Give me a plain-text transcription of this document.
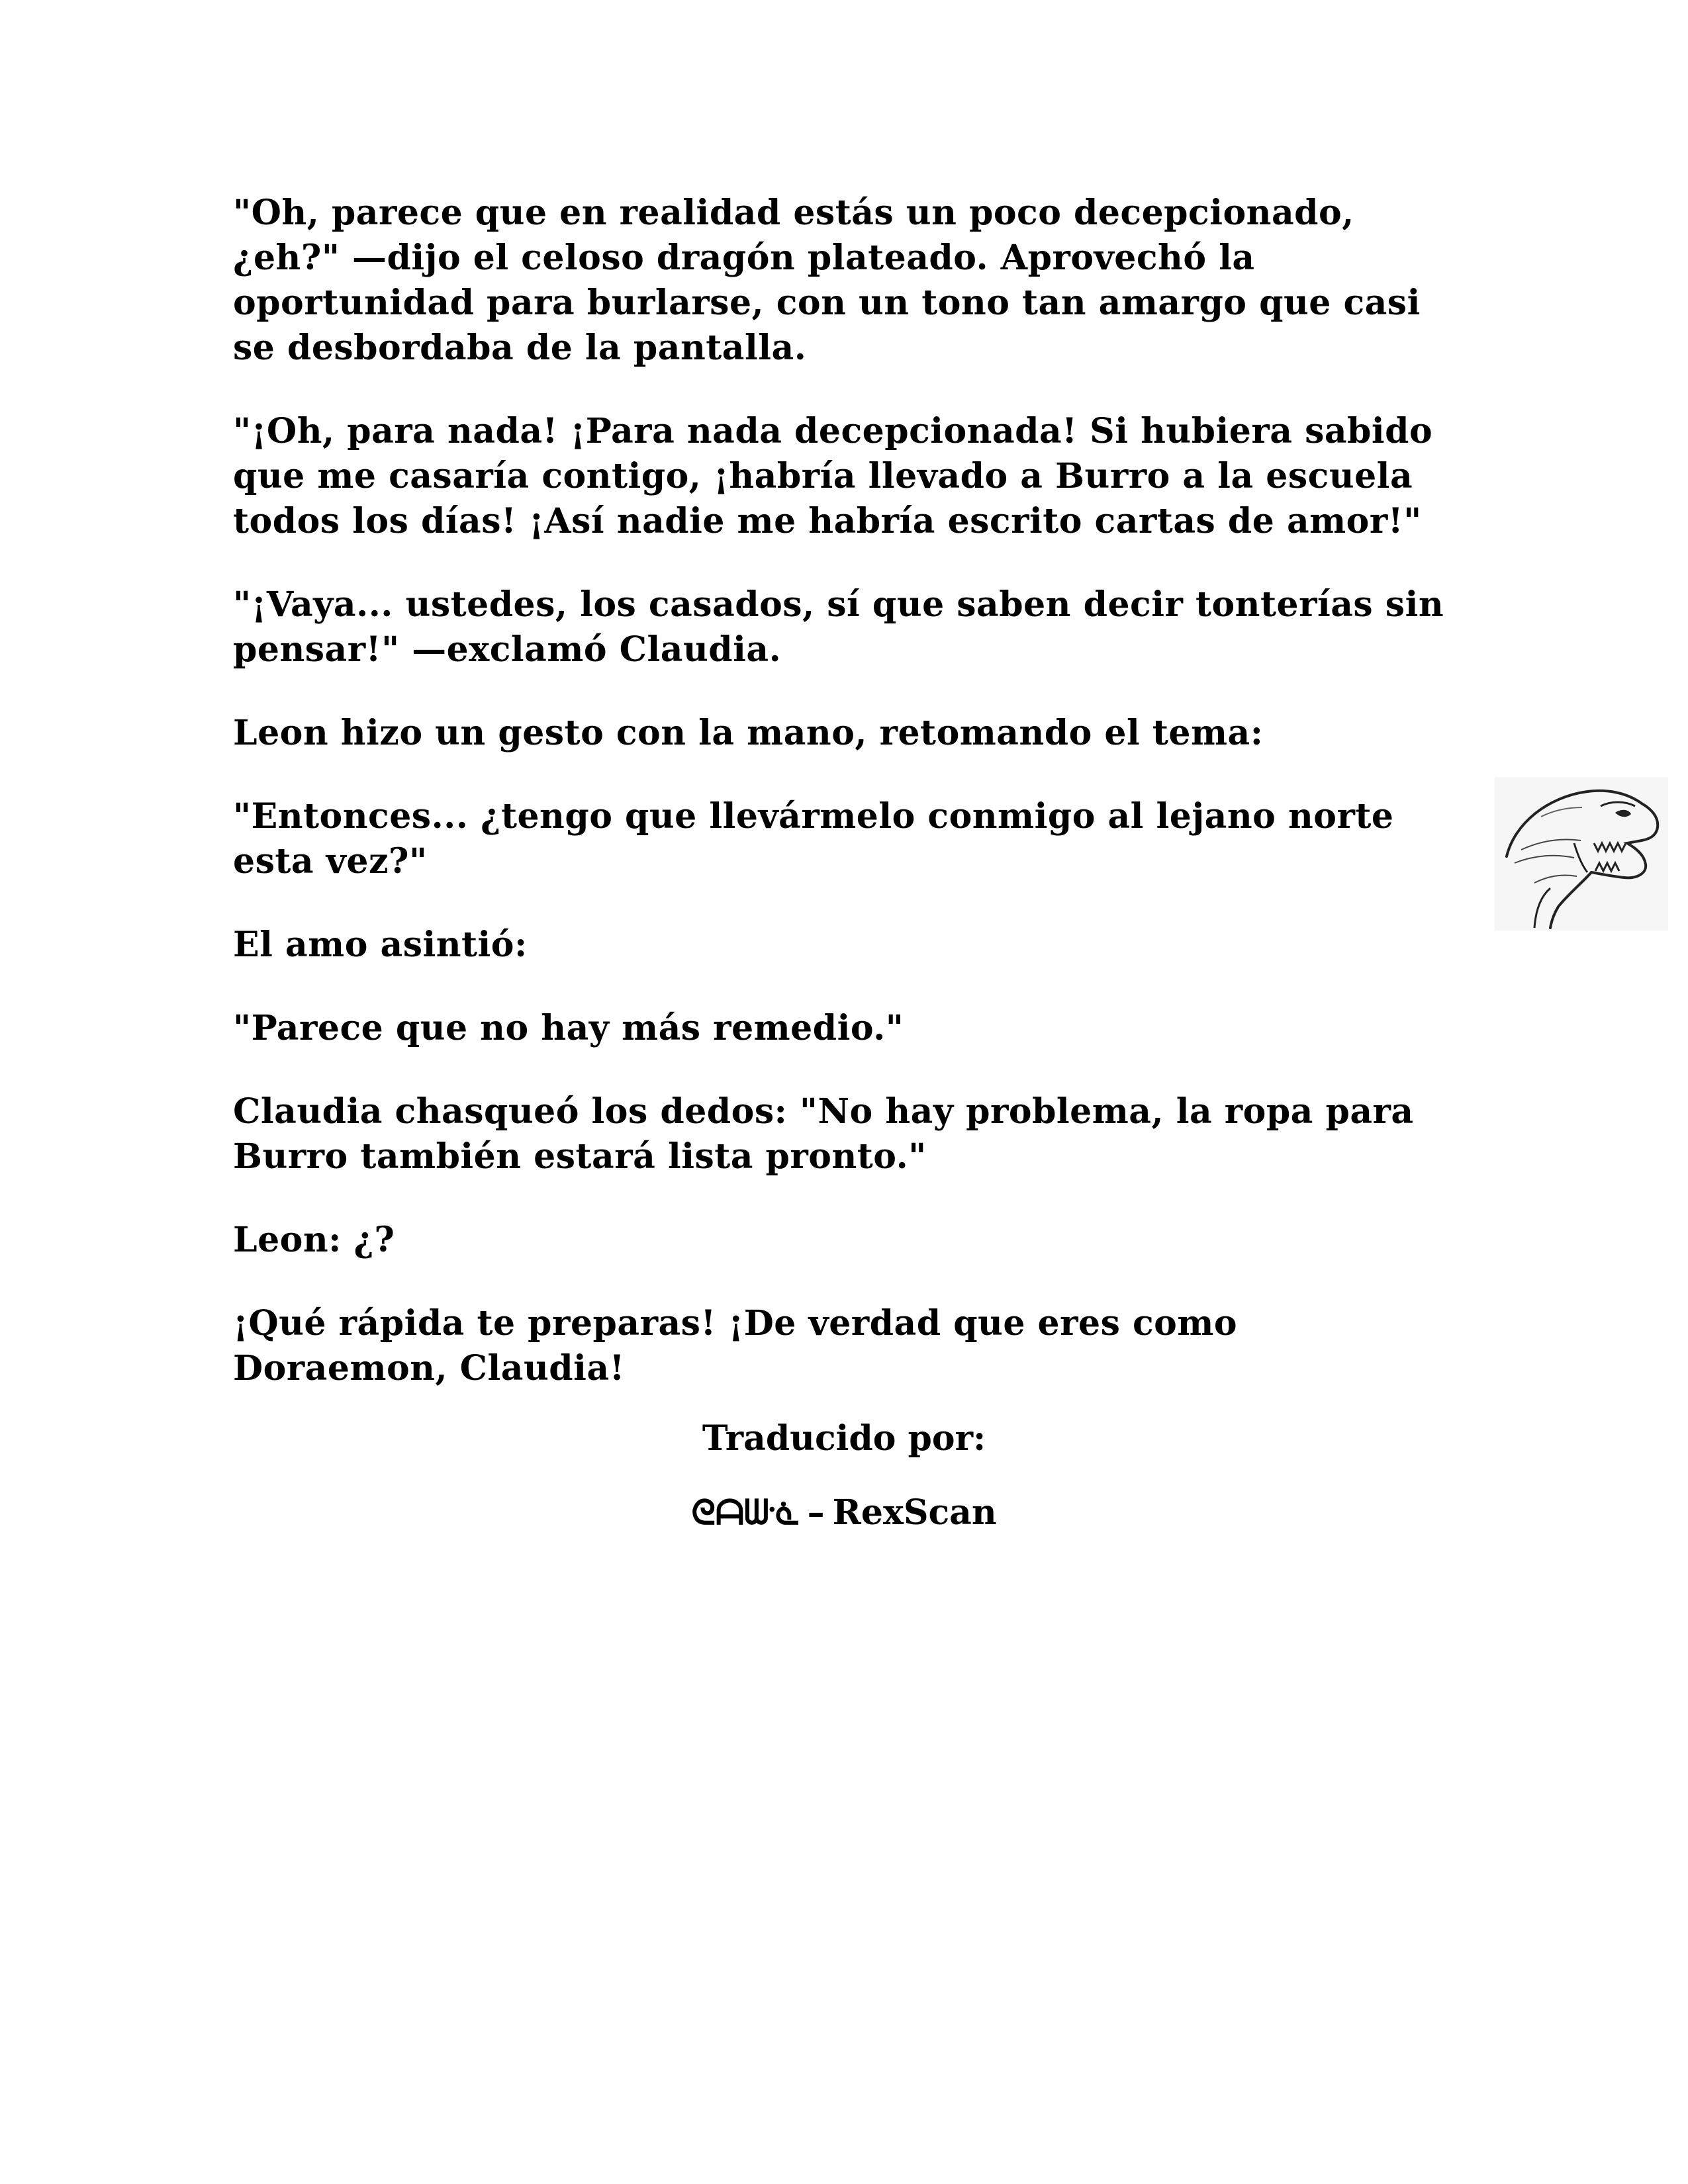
"Oh, parece que en realidad estás un poco decepcionado, ¿eh?" —dijo el celoso dragón plateado. Aprovechó la oportunidad para burlarse, con un tono tan amargo que casi se desbordaba de la pantalla.

"¡Oh, para nada! ¡Para nada decepcionada! Si hubiera sabido que me casaría contigo, ¡habría llevado a Burro a la escuela todos los días! ¡Así nadie me habría escrito cartas de amor!"

"¡Vaya... ustedes, los casados, sí que saben decir tonterías sin pensar!" —exclamó Claudia.

Leon hizo un gesto con la mano, retomando el tema:

"Entonces... ¿tengo que llevármelo conmigo al lejano norte esta vez?"

El amo asintió:

"Parece que no hay más remedio."

Claudia chasqueó los dedos: "No hay problema, la ropa para Burro también estará lista pronto."

Leon: ¿?

¡Qué rápida te preparas! ¡De verdad que eres como Doraemon, Claudia!

Traducido por:
ᘓᗩᗯᓍ – RexScan
